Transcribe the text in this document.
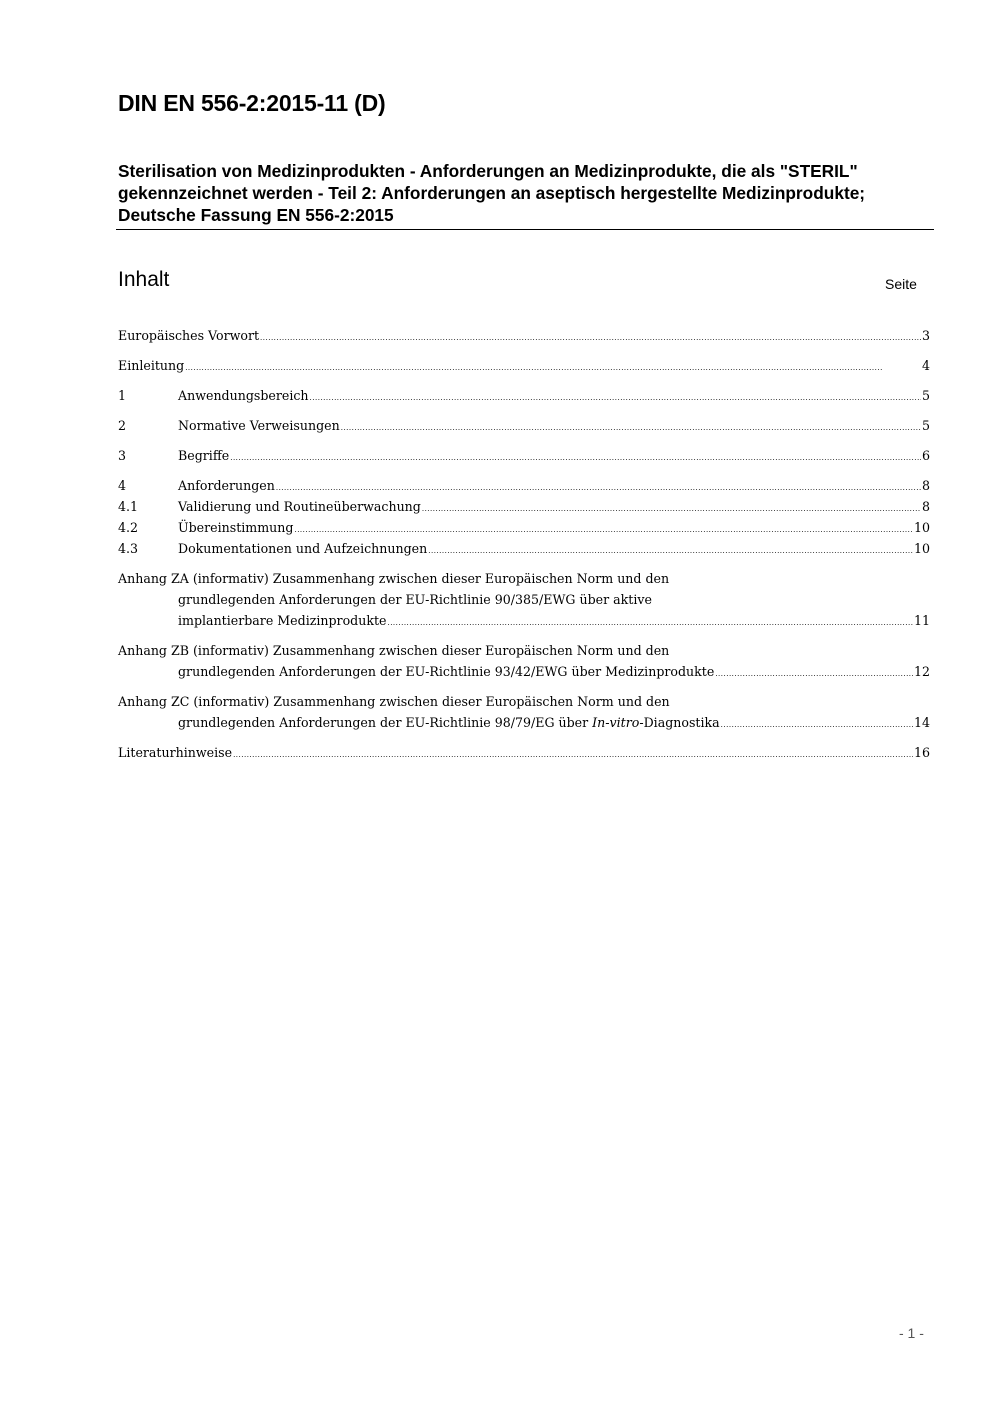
DIN EN 556-2:2015-11 (D)
Sterilisation von Medizinprodukten - Anforderungen an Medizinprodukte, die als "STERIL" gekennzeichnet werden - Teil 2: Anforderungen an aseptisch hergestellte Medizinprodukte; Deutsche Fassung EN 556-2:2015
Inhalt	Seite
Europäisches Vorwort .....	3
Einleitung .....	4
1	Anwendungsbereich .....	5
2	Normative Verweisungen .....	5
3	Begriffe .....	6
4	Anforderungen .....	8
4.1	Validierung und Routineüberwachung .....	8
4.2	Übereinstimmung .....	10
4.3	Dokumentationen und Aufzeichnungen .....	10
Anhang ZA (informativ) Zusammenhang zwischen dieser Europäischen Norm und den
grundlegenden Anforderungen der EU-Richtlinie 90/385/EWG über aktive
implantierbare Medizinprodukte .....	11
Anhang ZB (informativ) Zusammenhang zwischen dieser Europäischen Norm und den
grundlegenden Anforderungen der EU-Richtlinie 93/42/EWG über Medizinprodukte .....	12
Anhang ZC (informativ) Zusammenhang zwischen dieser Europäischen Norm und den
grundlegenden Anforderungen der EU-Richtlinie 98/79/EG über In-vitro-Diagnostika .....	14
Literaturhinweise .....	16
- 1 -
